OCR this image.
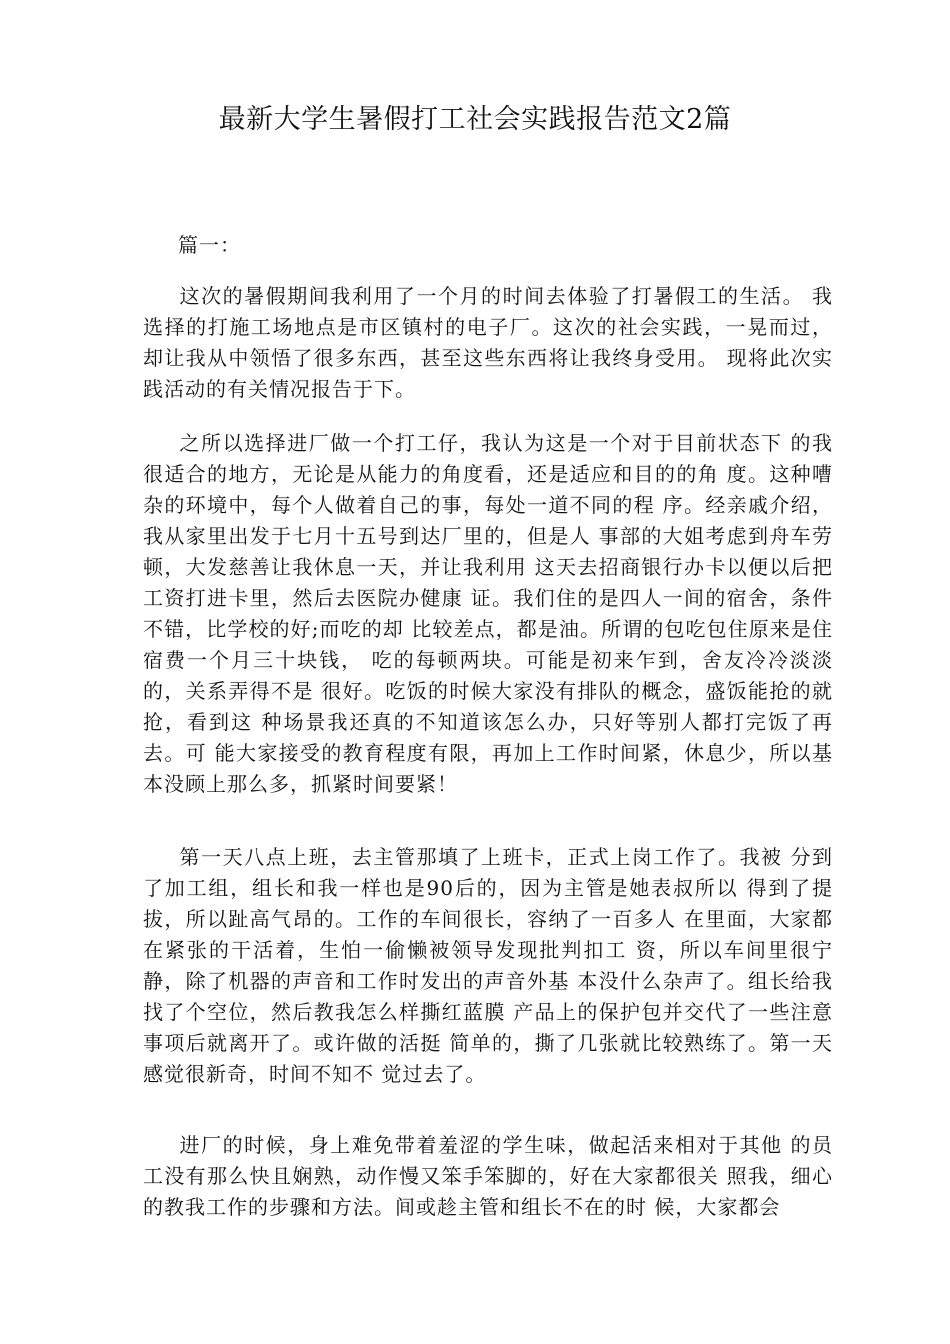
最新大学生暑假打工社会实践报告范文2篇
篇一：
这次的暑假期间我利用了一个月的时间去体验了打暑假工的生活。 我选择的打施工场地点是市区镇村的电子厂。这次的社会实践，一晃而过，却让我从中领悟了很多东西，甚至这些东西将让我终身受用。 现将此次实践活动的有关情况报告于下。
之所以选择进厂做一个打工仔，我认为这是一个对于目前状态下 的我很适合的地方，无论是从能力的角度看，还是适应和目的的角 度。这种嘈杂的环境中，每个人做着自己的事，每处一道不同的程 序。经亲戚介绍，我从家里出发于七月十五号到达厂里的，但是人 事部的大姐考虑到舟车劳顿，大发慈善让我休息一天，并让我利用 这天去招商银行办卡以便以后把工资打进卡里，然后去医院办健康 证。我们住的是四人一间的宿舍，条件不错，比学校的好;而吃的却 比较差点，都是油。所谓的包吃包住原来是住宿费一个月三十块钱， 吃的每顿两块。可能是初来乍到，舍友冷冷淡淡的，关系弄得不是 很好。吃饭的时候大家没有排队的概念，盛饭能抢的就抢，看到这 种场景我还真的不知道该怎么办，只好等别人都打完饭了再去。可 能大家接受的教育程度有限，再加上工作时间紧，休息少，所以基 本没顾上那么多，抓紧时间要紧！
第一天八点上班，去主管那填了上班卡，正式上岗工作了。我被 分到了加工组，组长和我一样也是90后的，因为主管是她表叔所以 得到了提拔，所以趾高气昂的。工作的车间很长，容纳了一百多人 在里面，大家都在紧张的干活着，生怕一偷懒被领导发现批判扣工 资，所以车间里很宁静，除了机器的声音和工作时发出的声音外基 本没什么杂声了。组长给我找了个空位，然后教我怎么样撕红蓝膜 产品上的保护包并交代了一些注意事项后就离开了。或许做的活挺 简单的，撕了几张就比较熟练了。第一天感觉很新奇，时间不知不 觉过去了。
进厂的时候，身上难免带着羞涩的学生味，做起活来相对于其他 的员工没有那么快且娴熟，动作慢又笨手笨脚的，好在大家都很关 照我，细心的教我工作的步骤和方法。间或趁主管和组长不在的时 候，大家都会
